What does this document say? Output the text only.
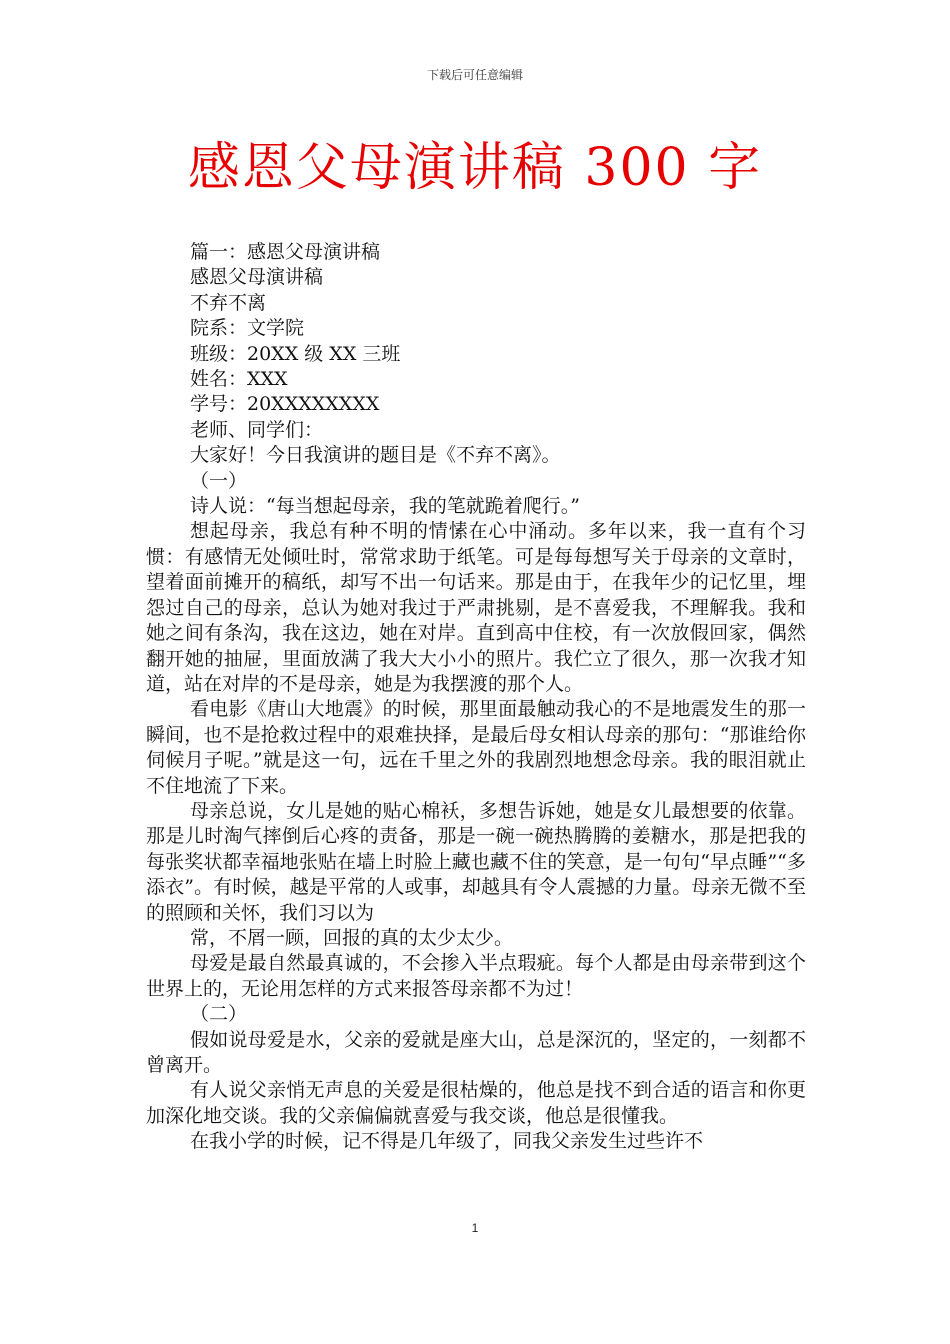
下载后可任意编辑
感恩父母演讲稿 300 字

篇一：感恩父母演讲稿

感恩父母演讲稿

不弃不离

院系：文学院

班级：20XX 级 XX 三班

姓名：XXX

学号：20XXXXXXXX

老师、同学们：

大家好！今日我演讲的题目是《不弃不离》。

（一）

诗人说：“每当想起母亲，我的笔就跪着爬行。”

想起母亲，我总有种不明的情愫在心中涌动。多年以来，我一直有个习惯：有感情无处倾吐时，常常求助于纸笔。可是每每想写关于母亲的文章时，望着面前摊开的稿纸，却写不出一句话来。那是由于，在我年少的记忆里，埋怨过自己的母亲，总认为她对我过于严肃挑剔，是不喜爱我，不理解我。我和她之间有条沟，我在这边，她在对岸。直到高中住校，有一次放假回家，偶然翻开她的抽屉，里面放满了我大大小小的照片。我伫立了很久，那一次我才知道，站在对岸的不是母亲，她是为我摆渡的那个人。

看电影《唐山大地震》的时候，那里面最触动我心的不是地震发生的那一瞬间，也不是抢救过程中的艰难抉择，是最后母女相认母亲的那句：“那谁给你伺候月子呢。”就是这一句，远在千里之外的我剧烈地想念母亲。我的眼泪就止不住地流了下来。

母亲总说，女儿是她的贴心棉袄，多想告诉她，她是女儿最想要的依靠。那是儿时淘气摔倒后心疼的责备，那是一碗一碗热腾腾的姜糖水，那是把我的每张奖状都幸福地张贴在墙上时脸上藏也藏不住的笑意，是一句句“早点睡”“多添衣”。有时候，越是平常的人或事，却越具有令人震撼的力量。母亲无微不至的照顾和关怀，我们习以为

常，不屑一顾，回报的真的太少太少。

母爱是最自然最真诚的，不会掺入半点瑕疵。每个人都是由母亲带到这个世界上的，无论用怎样的方式来报答母亲都不为过！

（二）

假如说母爱是水，父亲的爱就是座大山，总是深沉的，坚定的，一刻都不曾离开。

有人说父亲悄无声息的关爱是很枯燥的，他总是找不到合适的语言和你更加深化地交谈。我的父亲偏偏就喜爱与我交谈，他总是很懂我。

在我小学的时候，记不得是几年级了，同我父亲发生过些许不

1
